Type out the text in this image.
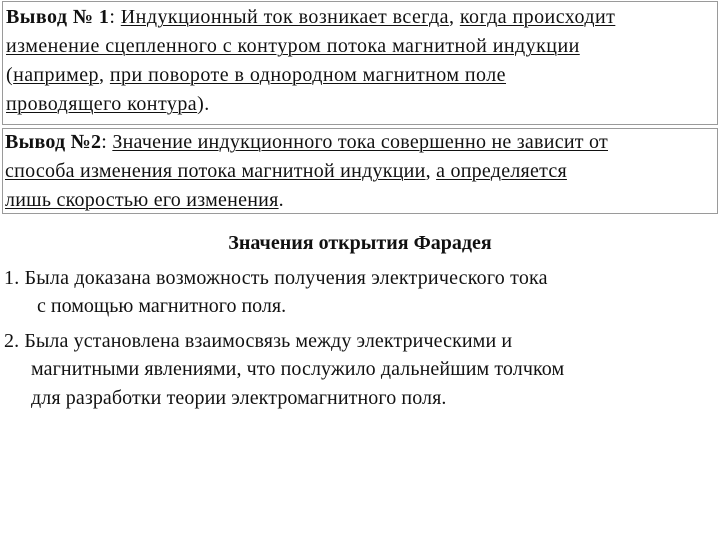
Вывод № 1: Индукционный ток возникает всегда, когда происходит
изменение сцепленного с контуром потока магнитной индукции
(например, при повороте в однородном магнитном поле
проводящего контура).

Вывод №2: Значение индукционного тока совершенно не зависит от
способа изменения потока магнитной индукции, а определяется
лишь скоростью его изменения.

Значения открытия Фарадея

1. Была доказана возможность получения электрического тока

с помощью магнитного поля.

2. Была установлена взаимосвязь между электрическими и

магнитными явлениями, что послужило дальнейшим толчком

для разработки теории электромагнитного поля.
